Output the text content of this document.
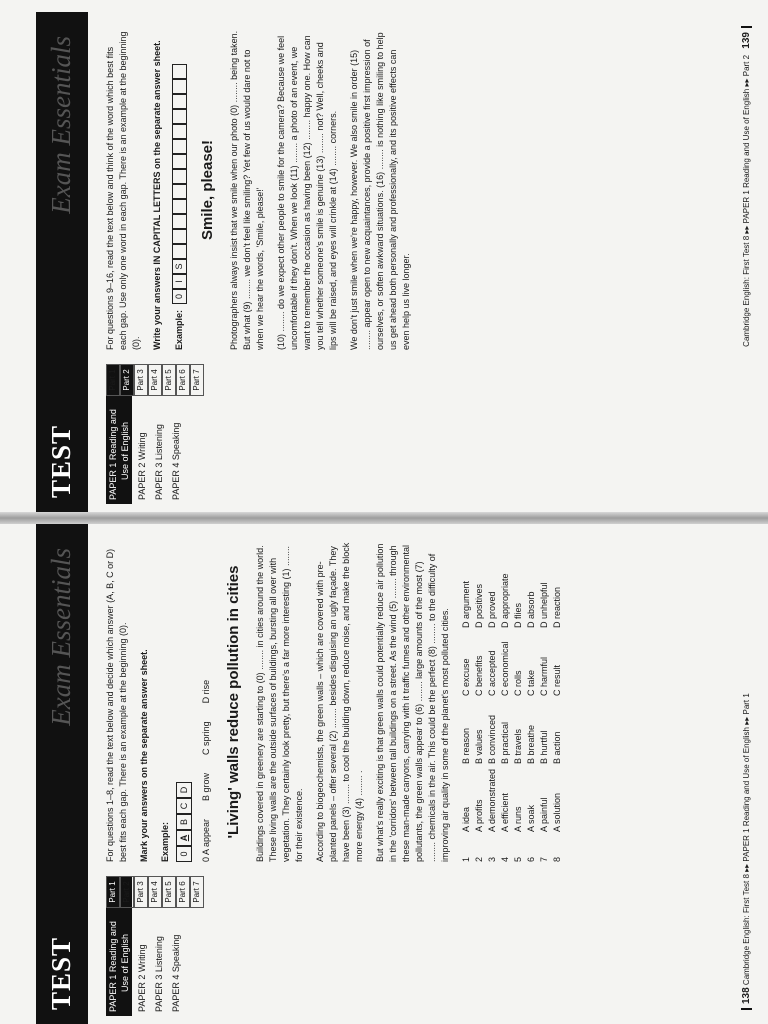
TEST
Exam Essentials
PAPER 1 Reading and Use of English
Part 1 Part 2 Part 3 Part 4 Part 5 Part 6 Part 7
PAPER 2 Writing PAPER 3 Listening PAPER 4 Speaking

For questions 1–8, read the text below and decide which answer (A, B, C or D) best fits each gap. There is an example at the beginning (0). Mark your answers on the separate answer sheet. Example:	0
A
B
C
D
0 A appear
B grow
C spring
D rise 'Living' walls reduce pollution in cities Buildings covered in greenery are starting to (0) ........ in cities around the world. These living walls are the outside surfaces of buildings, bursting all over with vegetation. They certainly look pretty, but there's a far more interesting (1) ........ for their existence. According to biogeochemists, the green walls – which are covered with pre-planted panels – offer several (2) ........ besides disguising an ugly façade. They have been (3) ........ to cool the building down, reduce noise, and make the block more energy (4) ........ . But what's really exciting is that green walls could potentially reduce air pollution in the 'corridors' between tall buildings on a street. As the wind (5) ........ through these man-made canyons, carrying with it traffic fumes and other environmental pollutants, the green walls appear to (6) ........ large amounts of the most (7) ........ chemicals in the air. This could be the perfect (8) ........ to the difficulty of improving air quality in some of the planet's most polluted cities. 1
A idea
B reason
C excuse
D argument
2
A profits
B values
C benefits
D positives
3
A demonstrated
B convinced
C accepted
D proved
4
A efficient
B practical
C economical
D appropriate
5
A runs
B travels
C rolls
D flies
6
A soak
B breathe
C take
D absorb
7
A painful
B hurtful
C harmful
D unhelpful
8
A solution
B action
C result
D reaction
138 Cambridge English: First Test 8 ▸▸ PAPER 1 Reading and Use of English ▸▸ Part 1
TEST
Exam Essentials
PAPER 1 Reading and Use of English
Part 1 Part 2 Part 3 Part 4 Part 5 Part 6 Part 7
PAPER 2 Writing PAPER 3 Listening PAPER 4 Speaking

For questions 9–16, read the text below and think of the word which best fits each gap. Use only one word in each gap. There is an example at the beginning (0). Write your answers IN CAPITAL LETTERS on the separate answer sheet. Example:
0
I
S
Smile, please! Photographers always insist that we smile when our photo (0) ........ being taken. But what (9) ........ we don't feel like smiling? Yet few of us would dare not to when we hear the words, 'Smile, please!' (10) ........ do we expect other people to smile for the camera? Because we feel uncomfortable if they don't. When we look (11) ........ a photo of an event, we want to remember the occasion as having been (12) ........ happy one. How can you tell whether someone's smile is genuine (13) ........ not? Well, cheeks and lips will be raised, and eyes will crinkle at (14) ........ corners. We don't just smile when we're happy, however. We also smile in order (15) ........ appear open to new acquaintances, provide a positive first impression of ourselves, or soften awkward situations. (16) ........ is nothing like smiling to help us get ahead both personally and professionally, and its positive effects can even help us live longer.	Cambridge English: First Test 8 ▸▸ PAPER 1 Reading and Use of English ▸▸ Part 2 139
